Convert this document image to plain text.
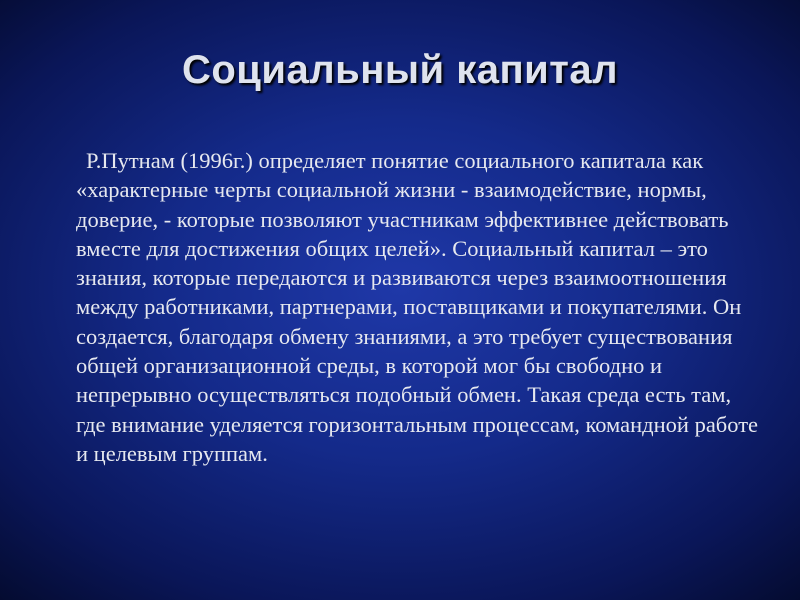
Социальный капитал

Р.Путнам (1996г.) определяет понятие социального капитала как «характерные черты социальной жизни - взаимодействие, нормы, доверие, - которые позволяют участникам эффективнее действовать вместе для достижения общих целей». Социальный капитал – это знания, которые передаются и развиваются через взаимоотношения между работниками, партнерами, поставщиками и покупателями. Он создается, благодаря обмену знаниями, а это требует существования общей организационной среды, в которой мог бы свободно и непрерывно осуществляться подобный обмен. Такая среда есть там, где внимание уделяется горизонтальным процессам, командной работе и целевым группам.
